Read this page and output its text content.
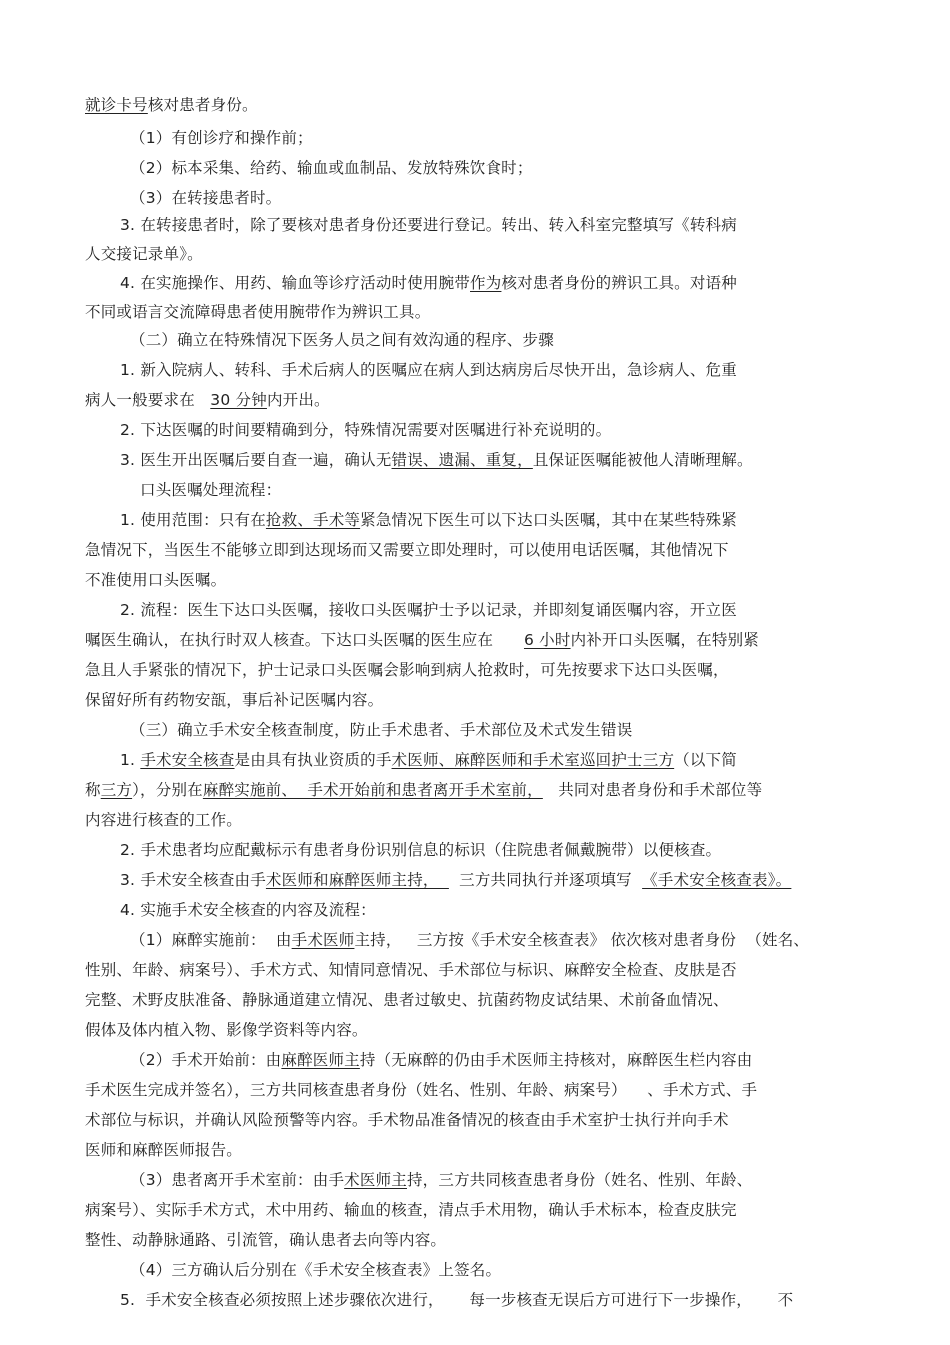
就诊卡号核对患者身份。
（1）有创诊疗和操作前；
（2）标本采集、给药、输血或血制品、发放特殊饮食时；
（3）在转接患者时。
3. 在转接患者时，除了要核对患者身份还要进行登记。转出、转入科室完整填写《转科病
人交接记录单》。
4. 在实施操作、用药、输血等诊疗活动时使用腕带作为核对患者身份的辨识工具。对语种
不同或语言交流障碍患者使用腕带作为辨识工具。
（二）确立在特殊情况下医务人员之间有效沟通的程序、步骤
1. 新入院病人、转科、手术后病人的医嘱应在病人到达病房后尽快开出，急诊病人、危重
病人一般要求在   30 分钟内开出。
2. 下达医嘱的时间要精确到分，特殊情况需要对医嘱进行补充说明的。
3. 医生开出医嘱后要自查一遍，确认无错误、遗漏、重复，且保证医嘱能被他人清晰理解。
口头医嘱处理流程：
1. 使用范围：只有在抢救、手术等紧急情况下医生可以下达口头医嘱，其中在某些特殊紧
急情况下，当医生不能够立即到达现场而又需要立即处理时，可以使用电话医嘱，其他情况下
不准使用口头医嘱。
2. 流程：医生下达口头医嘱，接收口头医嘱护士予以记录，并即刻复诵医嘱内容，开立医
嘱医生确认，在执行时双人核查。下达口头医嘱的医生应在      6 小时内补开口头医嘱，在特别紧
急且人手紧张的情况下，护士记录口头医嘱会影响到病人抢救时，可先按要求下达口头医嘱，
保留好所有药物安瓿，事后补记医嘱内容。
（三）确立手术安全核查制度，防止手术患者、手术部位及术式发生错误
1. 手术安全核查是由具有执业资质的手术医师、麻醉医师和手术室巡回护士三方（以下简
称三方），分别在麻醉实施前、  手术开始前和患者离开手术室前，   共同对患者身份和手术部位等
内容进行核查的工作。
2. 手术患者均应配戴标示有患者身份识别信息的标识（住院患者佩戴腕带）以便核查。
3. 手术安全核查由手术医师和麻醉医师主持，    三方共同执行并逐项填写  《手术安全核查表》。
4. 实施手术安全核查的内容及流程：
（1）麻醉实施前：  由手术医师主持，   三方按《手术安全核查表》 依次核对患者身份  （姓名、
性别、年龄、病案号）、手术方式、知情同意情况、手术部位与标识、麻醉安全检查、皮肤是否
完整、术野皮肤准备、静脉通道建立情况、患者过敏史、抗菌药物皮试结果、术前备血情况、
假体及体内植入物、影像学资料等内容。
（2）手术开始前：由麻醉医师主持（无麻醉的仍由手术医师主持核对，麻醉医生栏内容由
手术医生完成并签名），三方共同核查患者身份（姓名、性别、年龄、病案号）    、手术方式、手
术部位与标识，并确认风险预警等内容。手术物品准备情况的核查由手术室护士执行并向手术
医师和麻醉医师报告。
（3）患者离开手术室前：由手术医师主持，三方共同核查患者身份（姓名、性别、年龄、
病案号）、实际手术方式，术中用药、输血的核查，清点手术用物，确认手术标本，检查皮肤完
整性、动静脉通路、引流管，确认患者去向等内容。
（4）三方确认后分别在《手术安全核查表》上签名。
5.  手术安全核查必须按照上述步骤依次进行，     每一步核查无误后方可进行下一步操作，     不
